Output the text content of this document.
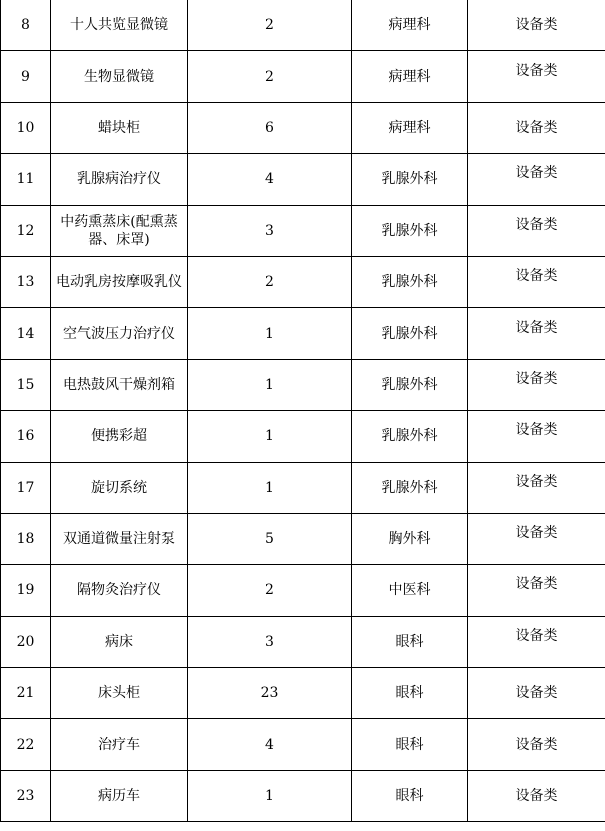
8	十人共览显微镜	2	病理科	设备类
9	生物显微镜	2	病理科	设备类
10	蜡块柜	6	病理科	设备类
11	乳腺病治疗仪	4	乳腺外科	设备类
12	中药熏蒸床(配熏蒸器、床罩)	3	乳腺外科	设备类
13	电动乳房按摩吸乳仪	2	乳腺外科	设备类
14	空气波压力治疗仪	1	乳腺外科	设备类
15	电热鼓风干燥剂箱	1	乳腺外科	设备类
16	便携彩超	1	乳腺外科	设备类
17	旋切系统	1	乳腺外科	设备类
18	双通道微量注射泵	5	胸外科	设备类
19	隔物灸治疗仪	2	中医科	设备类
20	病床	3	眼科	设备类
21	床头柜	23	眼科	设备类
22	治疗车	4	眼科	设备类
23	病历车	1	眼科	设备类
